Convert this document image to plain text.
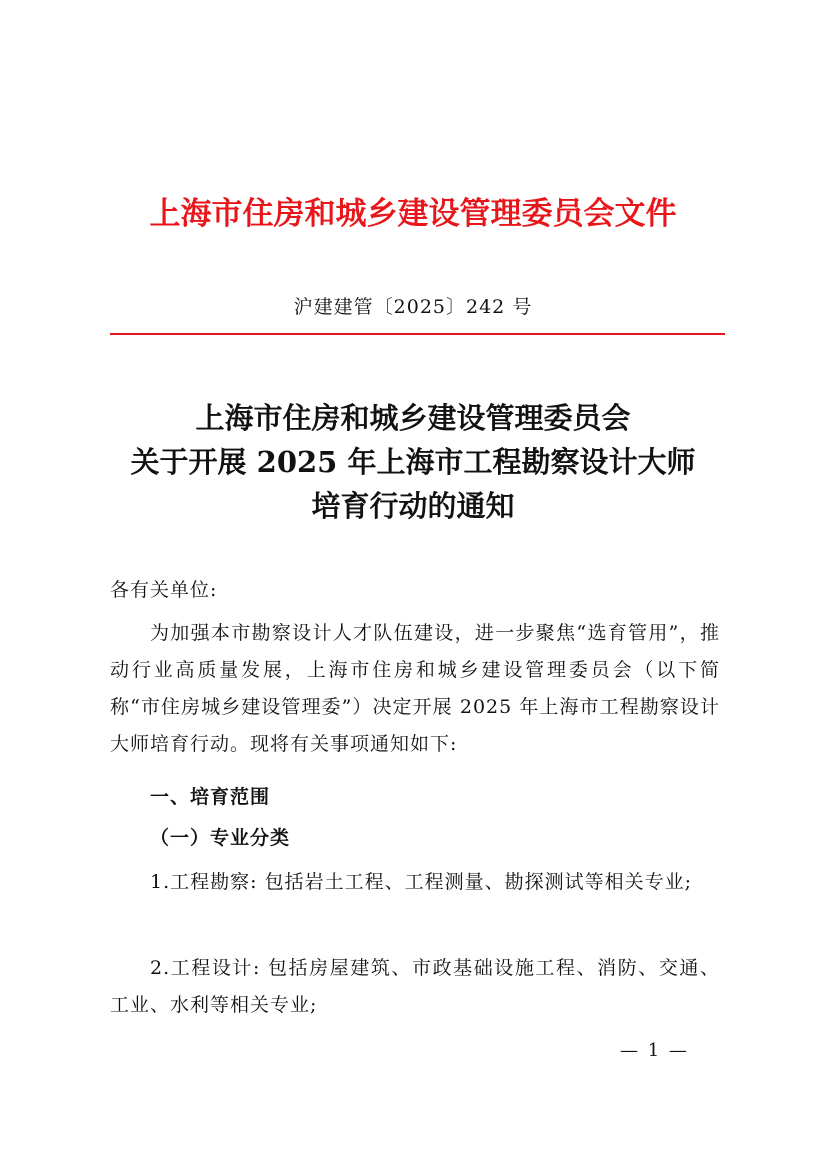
上海市住房和城乡建设管理委员会文件
沪建建管〔2025〕242 号
上海市住房和城乡建设管理委员会
关于开展 2025 年上海市工程勘察设计大师
培育行动的通知
各有关单位:
为加强本市勘察设计人才队伍建设，进一步聚焦“选育管用”，推动行业高质量发展，上海市住房和城乡建设管理委员会（以下简称“市住房城乡建设管理委”）决定开展 2025 年上海市工程勘察设计大师培育行动。现将有关事项通知如下:
一、培育范围
（一）专业分类
1.工程勘察: 包括岩土工程、工程测量、勘探测试等相关专业;
2.工程设计: 包括房屋建筑、市政基础设施工程、消防、交通、工业、水利等相关专业;
— 1 —
